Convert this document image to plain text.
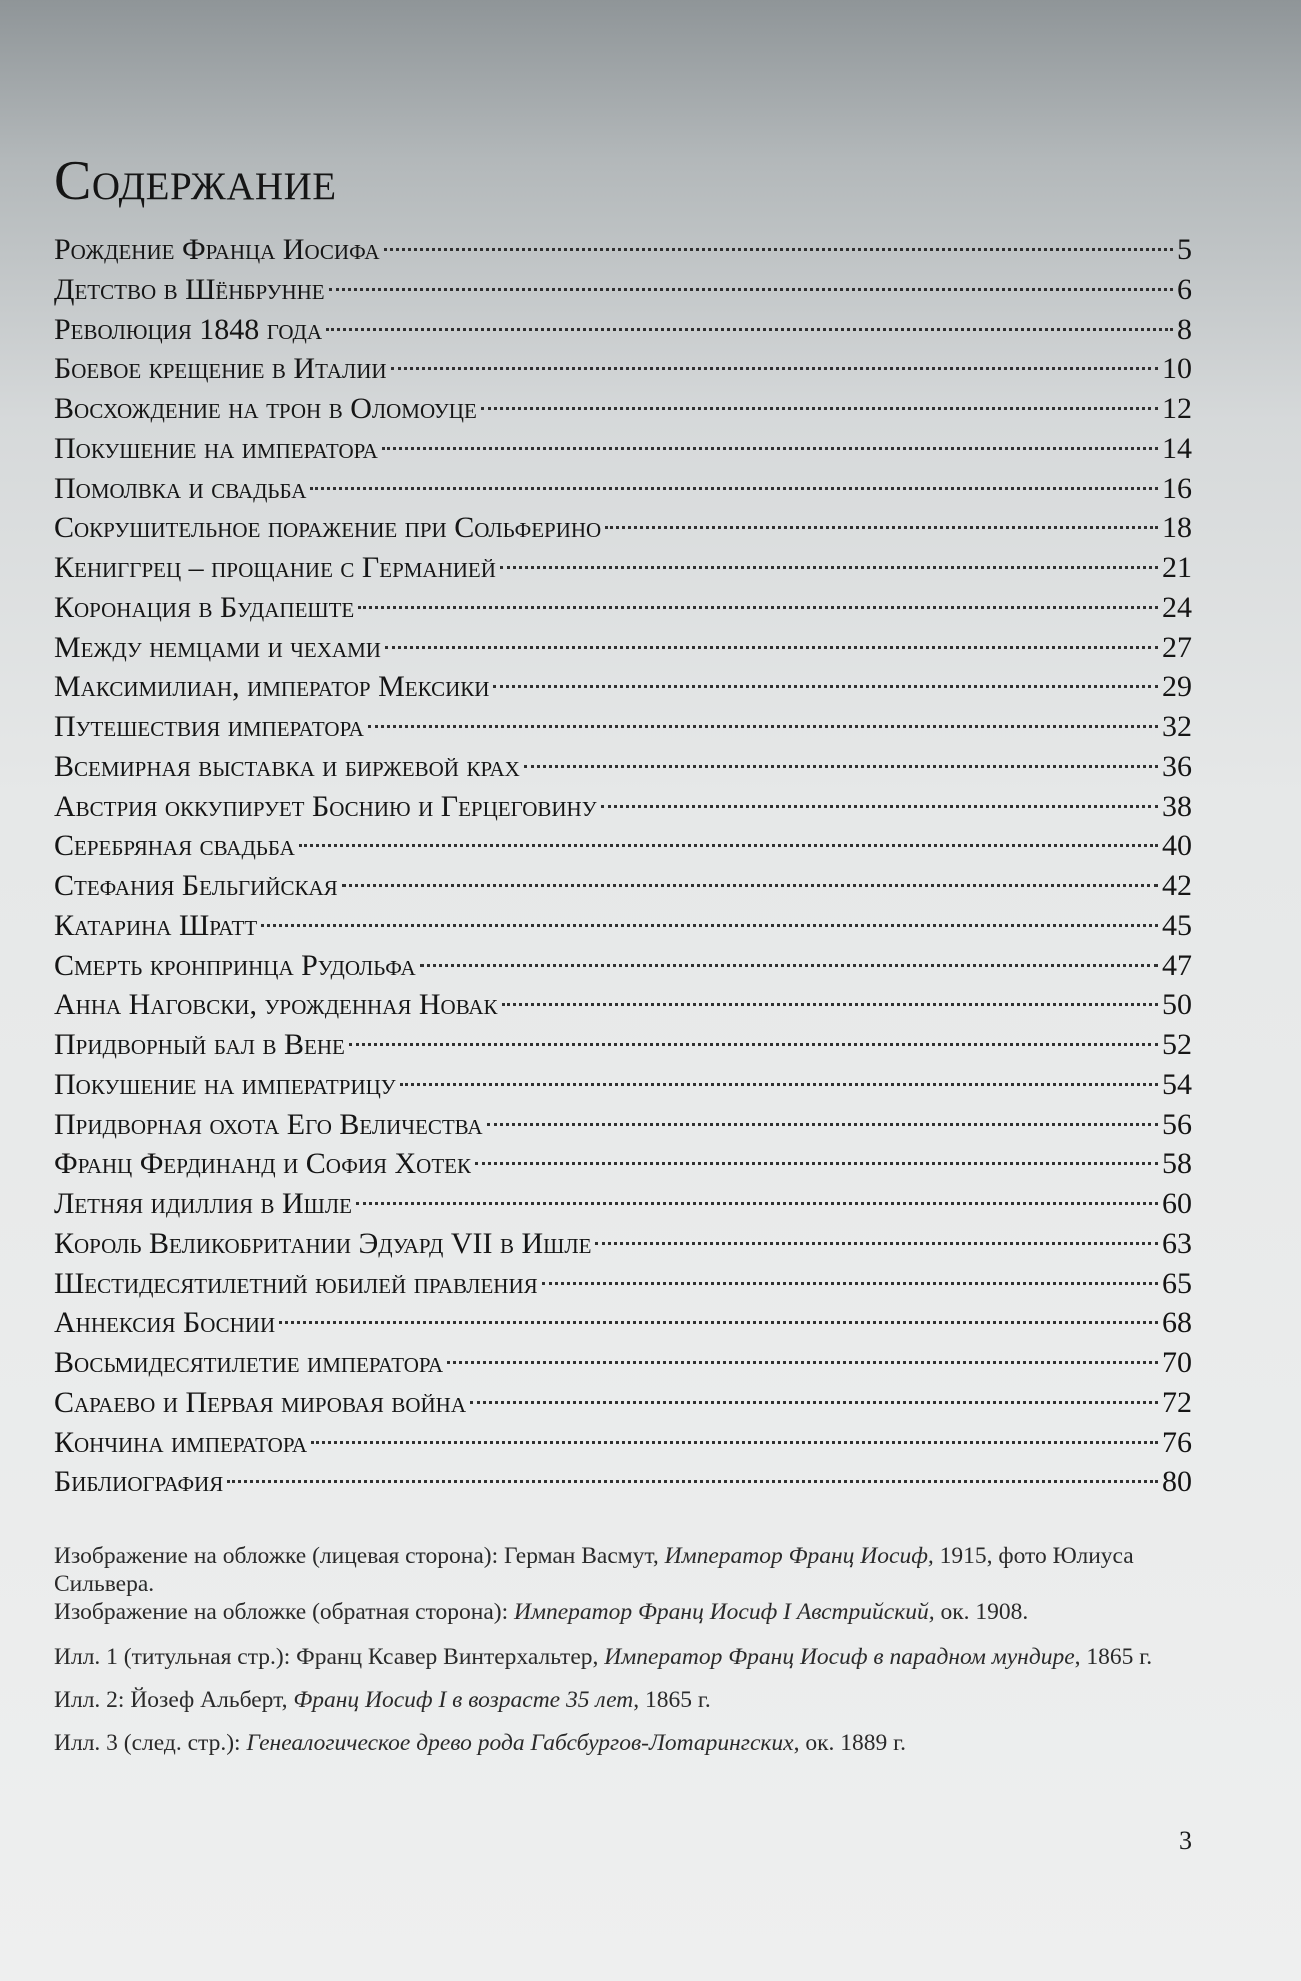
Содержание
Рождение Франца Иосифа	5
Детство в Шёнбрунне	6
Революция 1848 года	8
Боевое крещение в Италии	10
Восхождение на трон в Оломоуце	12
Покушение на императора	14
Помолвка и свадьба	16
Сокрушительное поражение при Сольферино	18
Кениггрец – прощание с Германией	21
Коронация в Будапеште	24
Между немцами и чехами	27
Максимилиан, император Мексики	29
Путешествия императора	32
Всемирная выставка и биржевой крах	36
Австрия оккупирует Боснию и Герцеговину	38
Серебряная свадьба	40
Стефания Бельгийская	42
Катарина Шратт	45
Смерть кронпринца Рудольфа	47
Анна Наговски, урожденная Новак	50
Придворный бал в Вене	52
Покушение на императрицу	54
Придворная охота Его Величества	56
Франц Фердинанд и София Хотек	58
Летняя идиллия в Ишле	60
Король Великобритании Эдуард VII в Ишле	63
Шестидесятилетний юбилей правления	65
Аннексия Боснии	68
Восьмидесятилетие императора	70
Сараево и Первая мировая война	72
Кончина императора	76
Библиография	80

Изображение на обложке (лицевая сторона): Герман Васмут, Император Франц Иосиф, 1915, фото Юлиуса Сильвера.

Изображение на обложке (обратная сторона): Император Франц Иосиф I Австрийский, ок. 1908.

Илл. 1 (титульная стр.): Франц Ксавер Винтерхальтер, Император Франц Иосиф в парадном мундире, 1865 г.

Илл. 2: Йозеф Альберт, Франц Иосиф I в возрасте 35 лет, 1865 г.

Илл. 3 (след. стр.): Генеалогическое древо рода Габсбургов-Лотарингских, ок. 1889 г.

3
